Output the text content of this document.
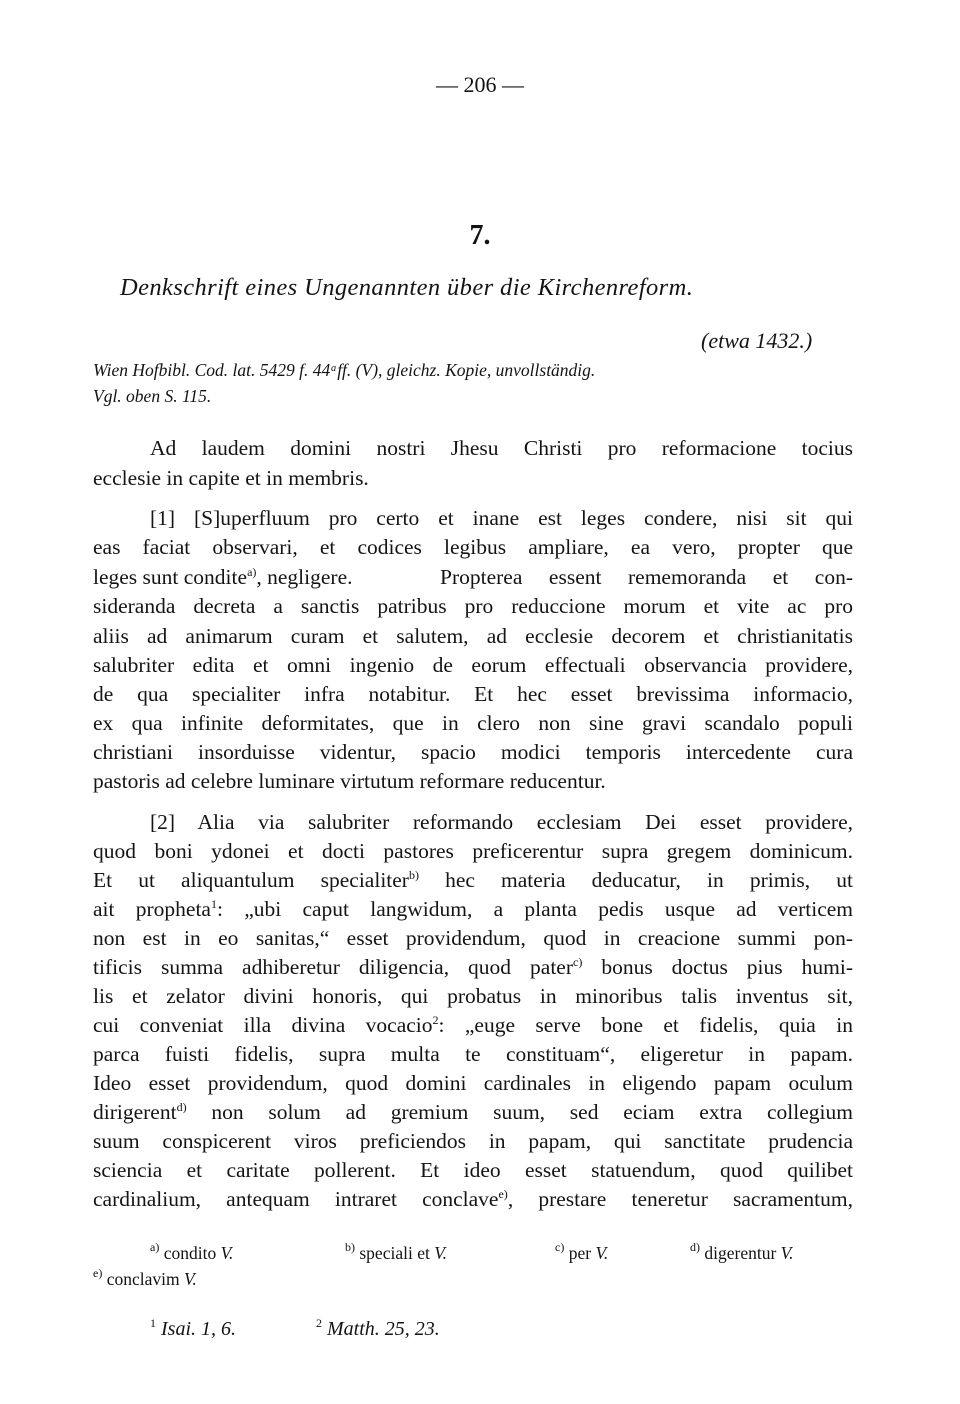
— 206 —
7.
Denkschrift eines Ungenannten über die Kirchenreform.
(etwa 1432.)
Wien Hofbibl. Cod. lat. 5429 f. 44ᵃff. (V), gleichz. Kopie, unvollständig.
Vgl. oben S. 115.
Ad laudem domini nostri Jhesu Christi pro reformacione tocius
ecclesie in capite et in membris.
[1] [S]uperfluum pro certo et inane est leges condere, nisi sit qui
eas faciat observari, et codices legibus ampliare, ea vero, propter que
leges sunt condite$^{a)}$, negligere.	Propterea essent rememoranda et con-
sideranda decreta a sanctis patribus pro reduccione morum et vite ac pro
aliis ad animarum curam et salutem, ad ecclesie decorem et christianitatis
salubriter edita et omni ingenio de eorum effectuali observancia providere,
de qua specialiter infra notabitur. Et hec esset brevissima informacio,
ex qua infinite deformitates, que in clero non sine gravi scandalo populi
christiani insorduisse videntur, spacio modici temporis intercedente cura
pastoris ad celebre luminare virtutum reformare reducentur.
[2] Alia via salubriter reformando ecclesiam Dei esset providere,
quod boni ydonei et docti pastores preficerentur supra gregem dominicum.
Et ut aliquantulum specialiter$^{b)}$ hec materia deducatur, in primis, ut
ait propheta$^1$: „ubi caput langwidum, a planta pedis usque ad verticem
non est in eo sanitas,“ esset providendum, quod in creacione summi pon-
tificis summa adhiberetur diligencia, quod pater$^{c)}$ bonus doctus pius humi-
lis et zelator divini honoris, qui probatus in minoribus talis inventus sit,
cui conveniat illa divina vocacio$^2$: „euge serve bone et fidelis, quia in
parca fuisti fidelis, supra multa te constituam“, eligeretur in papam.
Ideo esset providendum, quod domini cardinales in eligendo papam oculum
dirigerent$^{d)}$ non solum ad gremium suum, sed eciam extra collegium
suum conspicerent viros preficiendos in papam, qui sanctitate prudencia
sciencia et caritate pollerent. Et ideo esset statuendum, quod quilibet
cardinalium, antequam intraret conclave$^{e)}$, prestare teneretur sacramentum,
$^{a)}$ condito V.	$^{b)}$ speciali et V.	$^{c)}$ per V.	$^{d)}$ digerentur V.
$^{e)}$ conclavim V.
$^1$ Isai. 1, 6.	$^2$ Matth. 25, 23.
